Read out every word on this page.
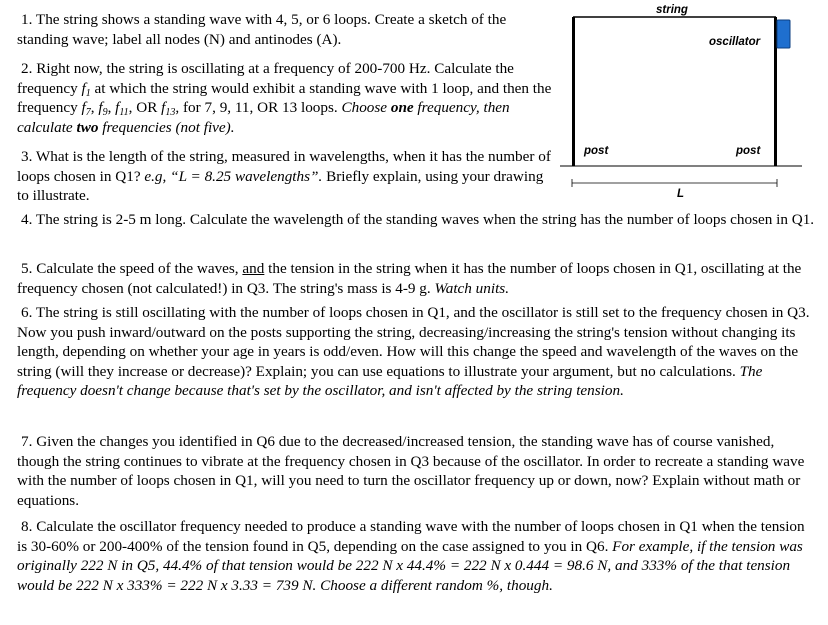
1. The string shows a standing wave with 4, 5, or 6 loops. Create a sketch of the standing wave; label all nodes (N) and antinodes (A).
2. Right now, the string is oscillating at a frequency of 200-700 Hz. Calculate the frequency $f_1$ at which the string would exhibit a standing wave with 1 loop, and then the frequency $f_7$, $f_9$, $f_{11}$, OR $f_{13}$, for 7, 9, 11, OR 13 loops. Choose one frequency, then calculate two frequencies (not five).
3. What is the length of the string, measured in wavelengths, when it has the number of loops chosen in Q1? e.g, “L = 8.25 wavelengths”. Briefly explain, using your drawing to illustrate.
4. The string is 2-5 m long. Calculate the wavelength of the standing waves when the string has the number of loops chosen in Q1.
5. Calculate the speed of the waves, and the tension in the string when it has the number of loops chosen in Q1, oscillating at the frequency chosen (not calculated!) in Q3. The string's mass is 4-9 g. Watch units.
6. The string is still oscillating with the number of loops chosen in Q1, and the oscillator is still set to the frequency chosen in Q3. Now you push inward/outward on the posts supporting the string, decreasing/increasing the string's tension without changing its length, depending on whether your age in years is odd/even. How will this change the speed and wavelength of the waves on the string (will they increase or decrease)? Explain; you can use equations to illustrate your argument, but no calculations. The frequency doesn't change because that's set by the oscillator, and isn't affected by the string tension.
7. Given the changes you identified in Q6 due to the decreased/increased tension, the standing wave has of course vanished, though the string continues to vibrate at the frequency chosen in Q3 because of the oscillator. In order to recreate a standing wave with the number of loops chosen in Q1, will you need to turn the oscillator frequency up or down, now? Explain without math or equations.
8. Calculate the oscillator frequency needed to produce a standing wave with the number of loops chosen in Q1 when the tension is 30-60% or 200-400% of the tension found in Q5, depending on the case assigned to you in Q6. For example, if the tension was originally 222 N in Q5, 44.4% of that tension would be 222 N x 44.4% = 222 N x 0.444 = 98.6 N, and 333% of the that tension would be 222 N x 333% = 222 N x 3.33 = 739 N. Choose a different random %, though.
string
oscillator
post	post
L
